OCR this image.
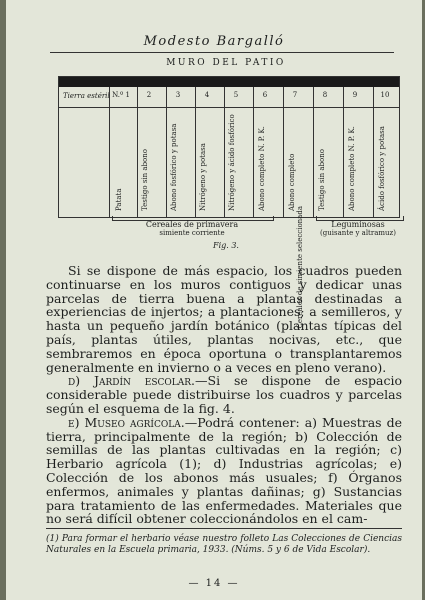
Modesto Bargalló
MURO DEL PATIO
Tierra estéril N.º 1	2	3	4	5	6	7	8	9	10
Patata	Testigo sin abono	Abono fosfórico y potasa	Nitrógeno y potasa	Nitrógeno y ácido fosfórico	Abono completo N. P. K.	Abono completo	Testigo sin abono	Abono completo N. P. K.	Ácido fosfórico y potasa
Cereales de primavera
simiente corriente	Cereales de simiente seleccionada	Leguminosas
(guisante y altramuz)
Fig. 3.

Si se dispone de más espacio, los cuadros pueden continuarse en los muros contiguos y dedicar unas parcelas de tierra buena a plantas destinadas a experiencias de injertos; a plantaciones; a semilleros, y hasta un pequeño jardín botánico (plantas típicas del país, plantas útiles, plantas nocivas, etc., que sembraremos en época oportuna o transplantaremos generalmente en invierno o a veces en pleno verano).

d) Jardín escolar.—Si se dispone de espacio considerable puede distribuirse los cuadros y parcelas según el esquema de la fig. 4.

e) Museo agrícola.—Podrá contener: a) Muestras de tierra, principalmente de la región; b) Colección de semillas de las plantas cultivadas en la región; c) Herbario agrícola (1); d) Industrias agrícolas; e) Colección de los abonos más usuales; f) Órganos enfermos, animales y plantas dañinas; g) Sustancias para tratamiento de las enfermedades. Materiales que no será difícil obtener coleccionándolos en el cam-

(1) Para formar el herbario véase nuestro folleto Las Colecciones de Ciencias Naturales en la Escuela primaria, 1933. (Núms. 5 y 6 de Vida Escolar).
— 14 —
